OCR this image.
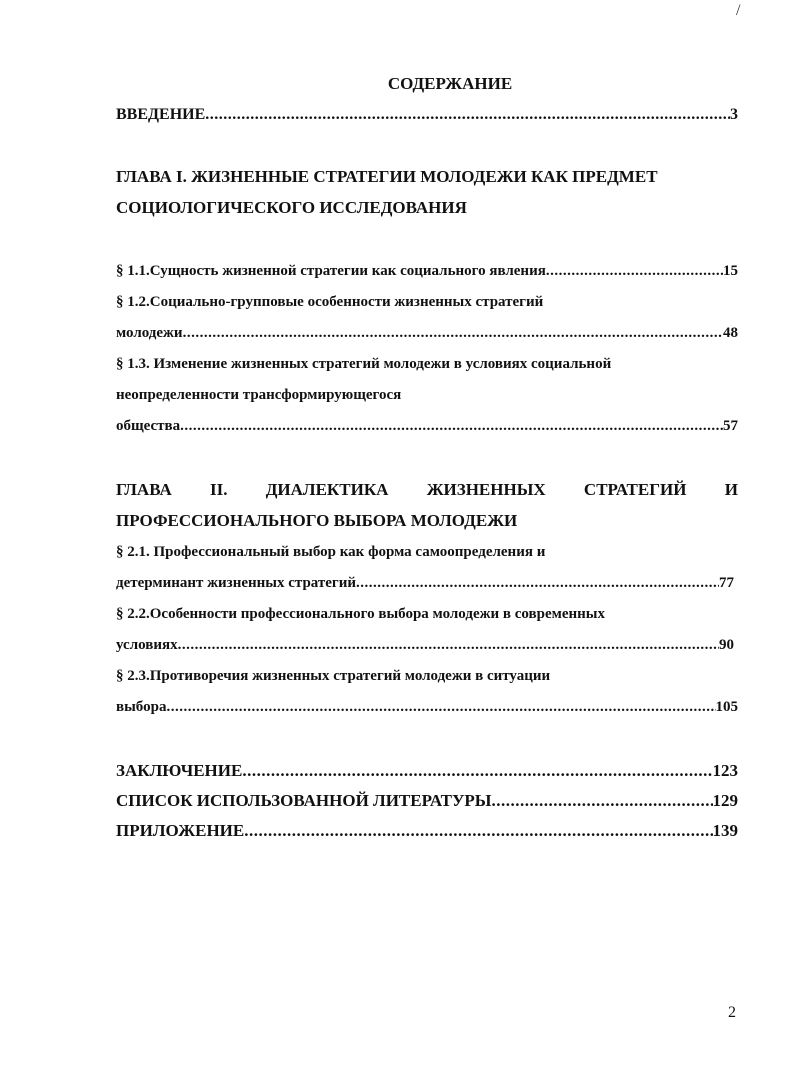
/
СОДЕРЖАНИЕ
ВВЕДЕНИЕ .....	3
ГЛАВА I. ЖИЗНЕННЫЕ СТРАТЕГИИ МОЛОДЕЖИ КАК ПРЕДМЕТ
СОЦИОЛОГИЧЕСКОГО ИССЛЕДОВАНИЯ
§ 1.1.Сущность жизненной стратегии как социального явления .....	15
§ 1.2.Социально-групповые особенности жизненных стратегий
молодежи .....	48
§ 1.3. Изменение жизненных стратегий молодежи в условиях социальной
неопределенности трансформирующегося
общества .....	57
ГЛАВА II. ДИАЛЕКТИКА ЖИЗНЕННЫХ СТРАТЕГИЙ И
ПРОФЕССИОНАЛЬНОГО ВЫБОРА МОЛОДЕЖИ
§ 2.1. Профессиональный выбор как форма самоопределения и
детерминант жизненных стратегий .....	77
§ 2.2.Особенности профессионального выбора молодежи в современных
условиях .....	90
§ 2.3.Противоречия жизненных стратегий молодежи в ситуации
выбора .....	105
ЗАКЛЮЧЕНИЕ .....	123
СПИСОК ИСПОЛЬЗОВАННОЙ ЛИТЕРАТУРЫ .....	129
ПРИЛОЖЕНИЕ .....	139
2
